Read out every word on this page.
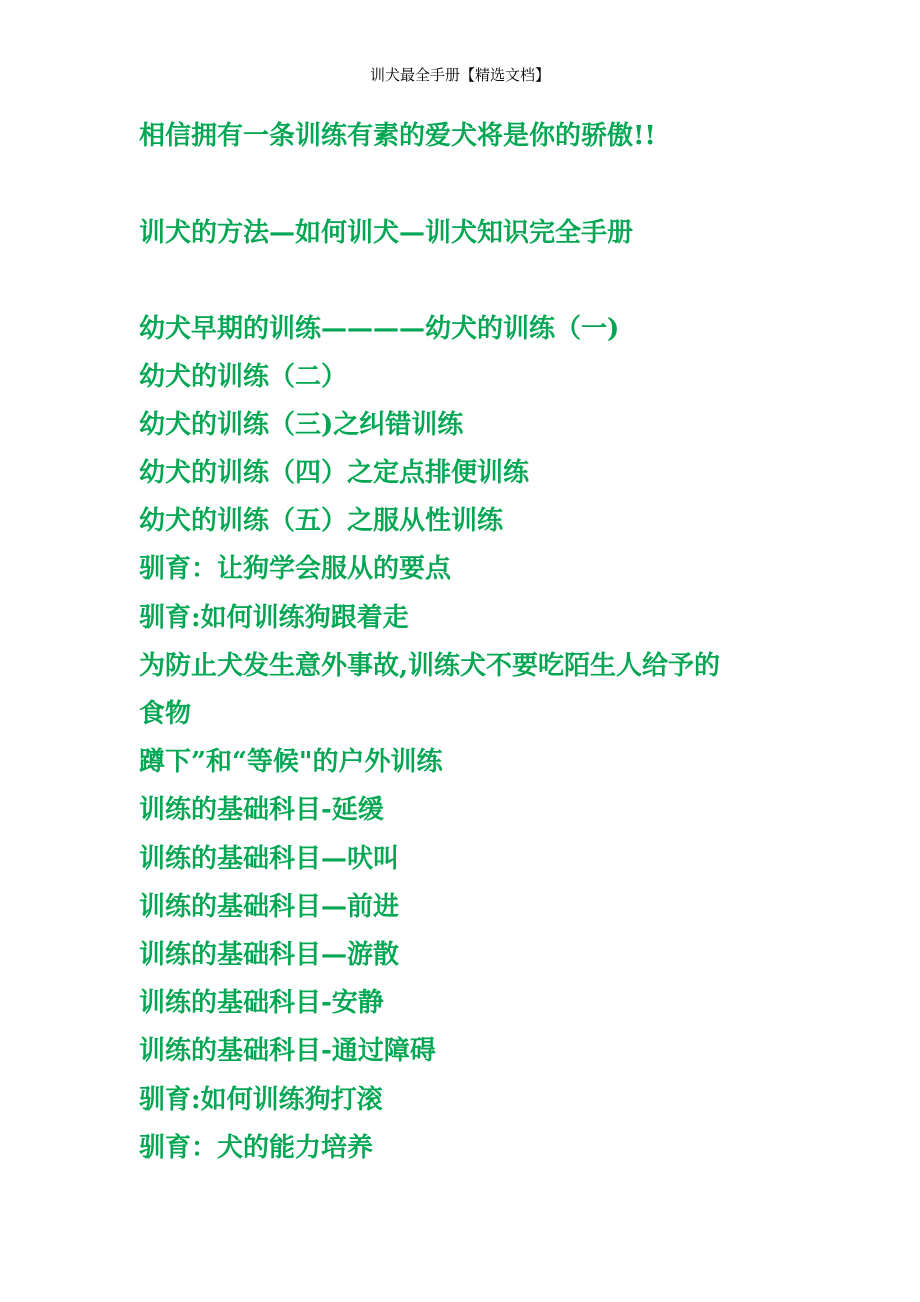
训犬最全手册【精选文档】
相信拥有一条训练有素的爱犬将是你的骄傲!!
训犬的方法—如何训犬—训犬知识完全手册
幼犬早期的训练————幼犬的训练（一)
幼犬的训练（二）
幼犬的训练（三)之纠错训练
幼犬的训练（四）之定点排便训练
幼犬的训练（五）之服从性训练
驯育：让狗学会服从的要点
驯育:如何训练狗跟着走
为防止犬发生意外事故,训练犬不要吃陌生人给予的
食物
蹲下”和“等候"的户外训练
训练的基础科目-延缓
训练的基础科目—吠叫
训练的基础科目—前进
训练的基础科目—游散
训练的基础科目-安静
训练的基础科目-通过障碍
驯育:如何训练狗打滚
驯育：犬的能力培养
